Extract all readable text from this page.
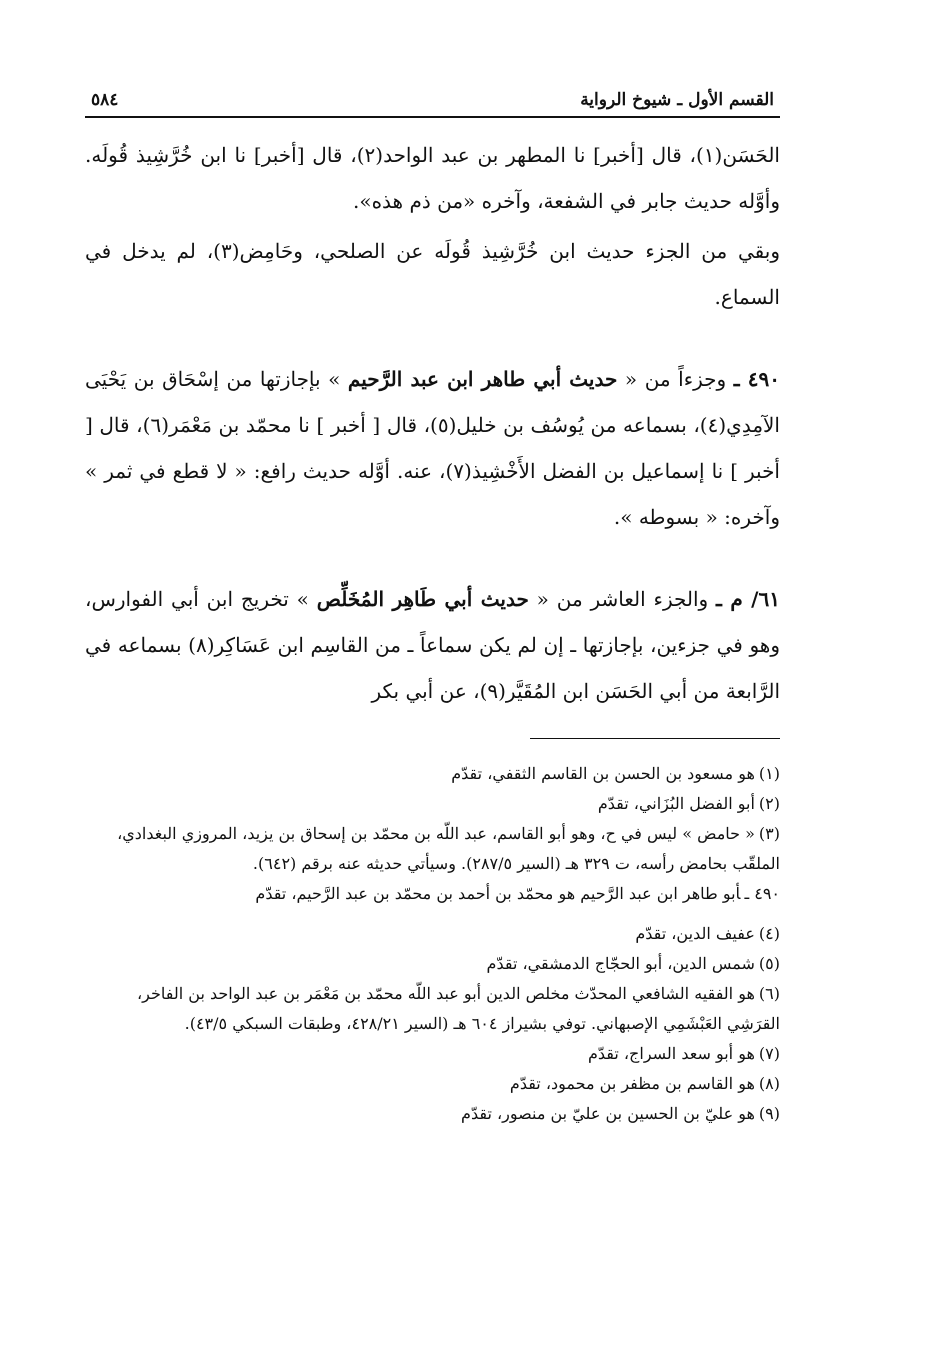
القسم الأول ـ شيوخ الرواية
٥٨٤

الحَسَن(١)، قال [أخبر] نا المطهر بن عبد الواحد(٢)، قال [أخبر] نا ابن خُرَّشِيذ قُولَه. وأوَّله حديث جابر في الشفعة، وآخره «من ذم هذه».

وبقي من الجزء حديث ابن خُرَّشِيذ قُولَه عن الصلحي، وحَامِض(٣)، لم يدخل في السماع.

٤٩٠ ـ وجزءاً من « حديث أبي طاهر ابن عبد الرَّحيم » بإجازتها من إسْحَاق بن يَحْيَى الآمِدِي(٤)، بسماعه من يُوسُف بن خليل(٥)، قال [ أخبر ] نا محمّد بن مَعْمَر(٦)، قال [ أخبر ] نا إسماعيل بن الفضل الأَخْشِيذ(٧)، عنه. أوَّله حديث رافع: « لا قطع في ثمر » وآخره: « بسوطه ».

٦١/ م ـ والجزء العاشر من « حديث أبي طَاهِر المُخَلِّص » تخريج ابن أبي الفوارس، وهو في جزءين، بإجازتها ـ إن لم يكن سماعاً ـ من القاسِم ابن عَسَاكِر(٨) بسماعه في الرَّابعة من أبي الحَسَن ابن المُقَيَّر(٩)، عن أبي بكر

(١)هو مسعود بن الحسن بن القاسم الثقفي، تقدّم

(٢)أبو الفضل البُزَاني، تقدّم

(٣)« حامض » ليس في ح، وهو أبو القاسم، عبد اللّه بن محمّد بن إسحاق بن يزيد، المروزي البغدادي، الملقّب بحامض رأسه، ت ٣٢٩ هـ (السير ٢٨٧/٥). وسيأتي حديثه عنه برقم (٦٤٢).

٤٩٠ ـأبو طاهر ابن عبد الرَّحيم هو محمّد بن أحمد بن محمّد بن عبد الرَّحيم، تقدّم

(٤)عفيف الدين، تقدّم

(٥)شمس الدين، أبو الحجّاج الدمشقي، تقدّم

(٦)هو الفقيه الشافعي المحدّث مخلص الدين أبو عبد اللّه محمّد بن مَعْمَر بن عبد الواحد بن الفاخر، القرَشِي العَبْشَمِي الإصبهاني. توفي بشيراز ٦٠٤ هـ (السير ٤٢٨/٢١، وطبقات السبكي ٤٣/٥).

(٧)هو أبو سعد السراج، تقدّم

(٨)هو القاسم بن مظفر بن محمود، تقدّم

(٩)هو عليّ بن الحسين بن عليّ بن منصور، تقدّم
